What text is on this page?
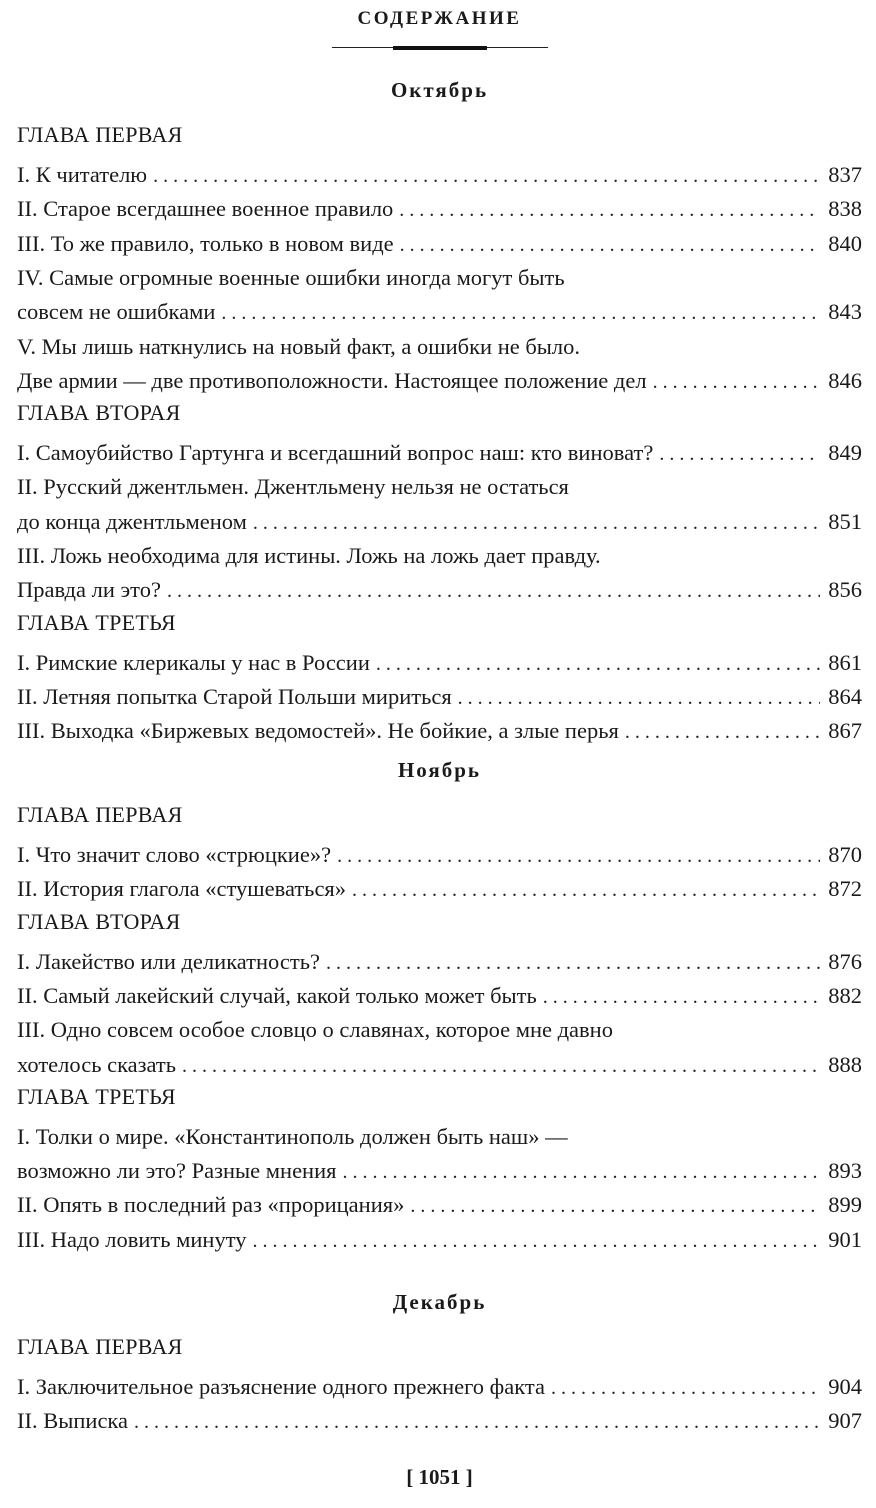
СОДЕРЖАНИЕ
Октябрь
ГЛАВА ПЕРВАЯ
I. К читателю . . .	837
II. Старое всегдашнее военное правило . . .	838
III. То же правило, только в новом виде . . .	840
IV. Самые огромные военные ошибки иногда могут быть
совсем не ошибками . . .	843
V. Мы лишь наткнулись на новый факт, а ошибки не было.
Две армии — две противоположности. Настоящее положение дел . . .	846
ГЛАВА ВТОРАЯ
I. Самоубийство Гартунга и всегдашний вопрос наш: кто виноват? . . .	849
II. Русский джентльмен. Джентльмену нельзя не остаться
до конца джентльменом . . .	851
III. Ложь необходима для истины. Ложь на ложь дает правду.
Правда ли это? . . .	856
ГЛАВА ТРЕТЬЯ
I. Римские клерикалы у нас в России . . .	861
II. Летняя попытка Старой Польши мириться . . .	864
III. Выходка «Биржевых ведомостей». Не бойкие, а злые перья . . .	867
Ноябрь
ГЛАВА ПЕРВАЯ
I. Что значит слово «стрюцкие»? . . .	870
II. История глагола «стушеваться» . . .	872
ГЛАВА ВТОРАЯ
I. Лакейство или деликатность? . . .	876
II. Самый лакейский случай, какой только может быть . . .	882
III. Одно совсем особое словцо о славянах, которое мне давно
хотелось сказать . . .	888
ГЛАВА ТРЕТЬЯ
I. Толки о мире. «Константинополь должен быть наш» —
возможно ли это? Разные мнения . . .	893
II. Опять в последний раз «прорицания» . . .	899
III. Надо ловить минуту . . .	901
Декабрь
ГЛАВА ПЕРВАЯ
I. Заключительное разъяснение одного прежнего факта . . .	904
II. Выписка . . .	907
[ 1051 ]
